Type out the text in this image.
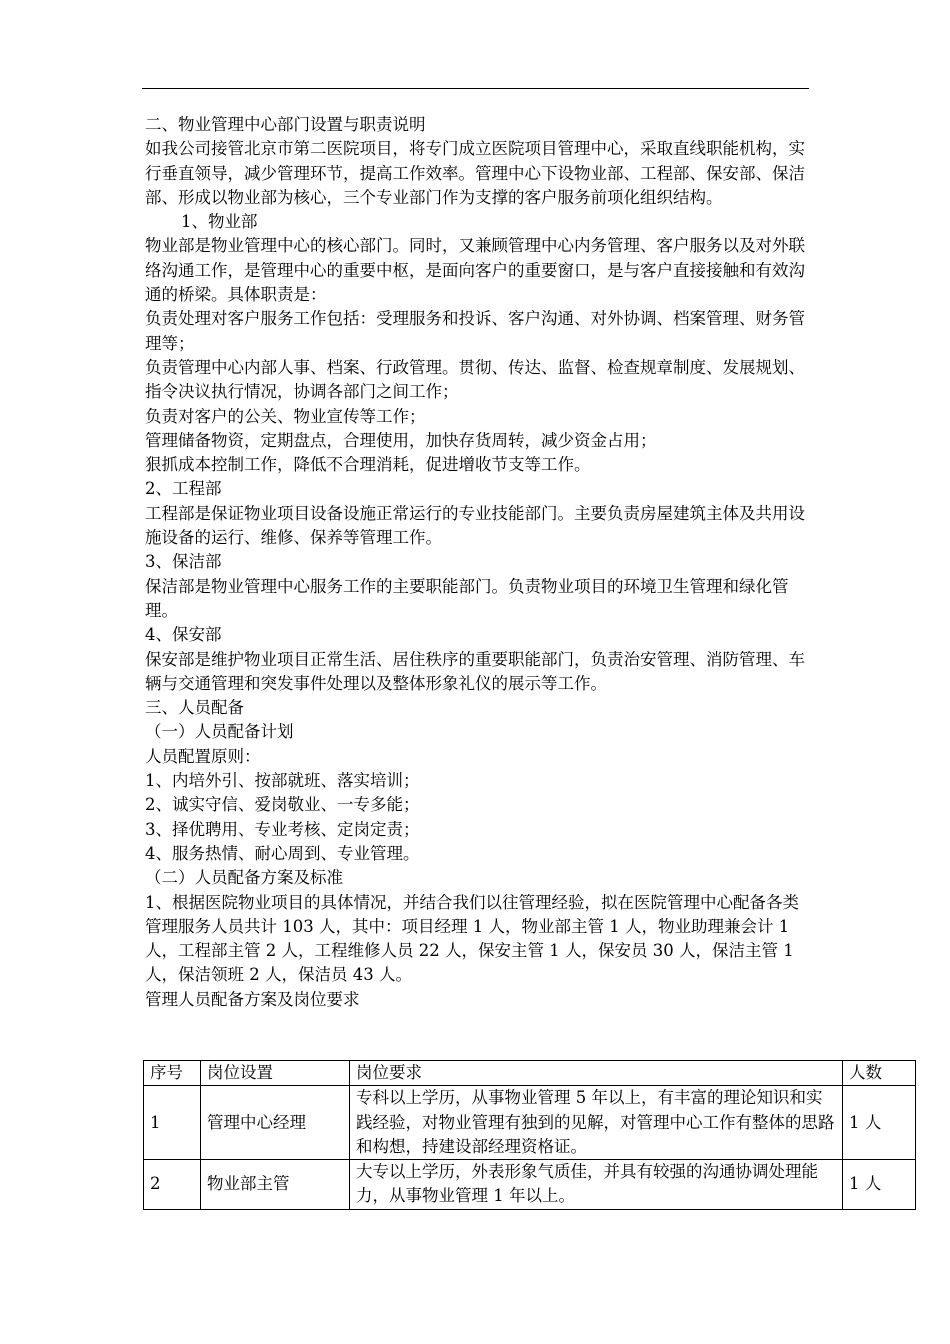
二、物业管理中心部门设置与职责说明

如我公司接管北京市第二医院项目，将专门成立医院项目管理中心，采取直线职能机构，实行垂直领导，减少管理环节，提高工作效率。管理中心下设物业部、工程部、保安部、保洁部、形成以物业部为核心，三个专业部门作为支撑的客户服务前项化组织结构。

1、物业部

物业部是物业管理中心的核心部门。同时，又兼顾管理中心内务管理、客户服务以及对外联络沟通工作，是管理中心的重要中枢，是面向客户的重要窗口，是与客户直接接触和有效沟通的桥梁。具体职责是：

负责处理对客户服务工作包括：受理服务和投诉、客户沟通、对外协调、档案管理、财务管理等；

负责管理中心内部人事、档案、行政管理。贯彻、传达、监督、检查规章制度、发展规划、指令决议执行情况，协调各部门之间工作；

负责对客户的公关、物业宣传等工作；

管理储备物资，定期盘点，合理使用，加快存货周转，减少资金占用；

狠抓成本控制工作，降低不合理消耗，促进增收节支等工作。

2、工程部

工程部是保证物业项目设备设施正常运行的专业技能部门。主要负责房屋建筑主体及共用设施设备的运行、维修、保养等管理工作。

3、保洁部

保洁部是物业管理中心服务工作的主要职能部门。负责物业项目的环境卫生管理和绿化管理。

4、保安部

保安部是维护物业项目正常生活、居住秩序的重要职能部门，负责治安管理、消防管理、车辆与交通管理和突发事件处理以及整体形象礼仪的展示等工作。

三、人员配备

（一）人员配备计划

人员配置原则：

1、内培外引、按部就班、落实培训；

2、诚实守信、爱岗敬业、一专多能；

3、择优聘用、专业考核、定岗定责；

4、服务热情、耐心周到、专业管理。

（二）人员配备方案及标准

1、根据医院物业项目的具体情况，并结合我们以往管理经验，拟在医院管理中心配备各类管理服务人员共计 103 人，其中：项目经理 1 人，物业部主管 1 人，物业助理兼会计 1 人，工程部主管 2 人，工程维修人员 22 人，保安主管 1 人，保安员 30 人，保洁主管 1 人，保洁领班 2 人，保洁员 43 人。

管理人员配备方案及岗位要求

序号	岗位设置	岗位要求	人数
1	管理中心经理	专科以上学历，从事物业管理 5 年以上，有丰富的理论知识和实践经验，对物业管理有独到的见解，对管理中心工作有整体的思路和构想，持建设部经理资格证。	1 人
2	物业部主管	大专以上学历，外表形象气质佳，并具有较强的沟通协调处理能力，从事物业管理 1 年以上。	1 人
